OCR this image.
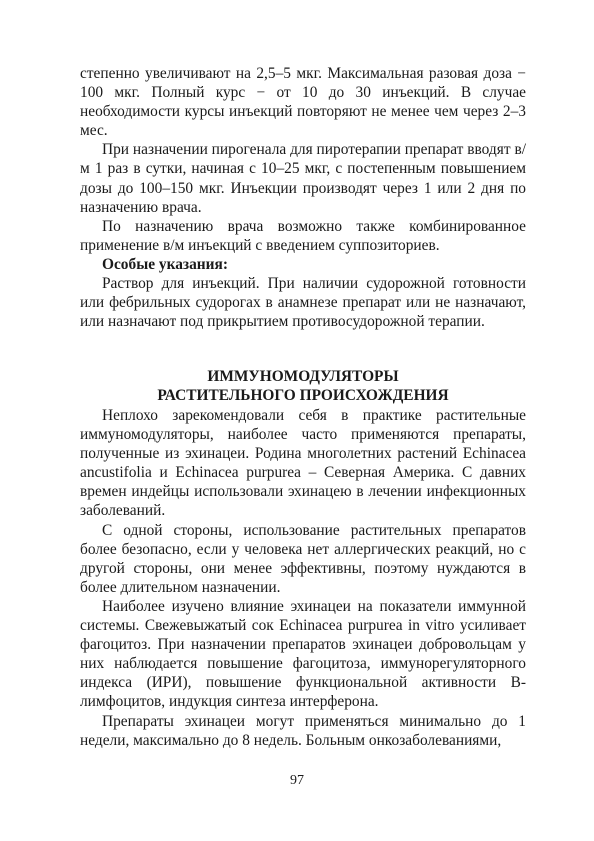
степенно увеличивают на 2,5–5 мкг. Максимальная разовая доза − 100 мкг. Полный курс − от 10 до 30 инъекций. В случае необходимости курсы инъекций повторяют не менее чем через 2–3 мес.

При назначении пирогенала для пиротерапии препарат вводят в/м 1 раз в сутки, начиная с 10–25 мкг, с постепенным повышением дозы до 100–150 мкг. Инъекции производят через 1 или 2 дня по назначению врача.

По назначению врача возможно также комбинированное применение в/м инъекций с введением суппозиториев.

Особые указания:

Раствор для инъекций. При наличии судорожной готовности или фебрильных судорогах в анамнезе препарат или не назначают, или назначают под прикрытием противосудорожной терапии.

ИММУНОМОДУЛЯТОРЫ

РАСТИТЕЛЬНОГО ПРОИСХОЖДЕНИЯ

Неплохо зарекомендовали себя в практике растительные иммуномодуляторы, наиболее часто применяются препараты, полученные из эхинацеи. Родина многолетних растений Echinacea ancustifolia и Echinacea purpurea – Северная Америка. С давних времен индейцы использовали эхинацею в лечении инфекционных заболеваний.

С одной стороны, использование растительных препаратов более безопасно, если у человека нет аллергических реакций, но с другой стороны, они менее эффективны, поэтому нуждаются в более длительном назначении.

Наиболее изучено влияние эхинацеи на показатели иммунной системы. Свежевыжатый сок Echinacea purpurea in vitro усиливает фагоцитоз. При назначении препаратов эхинацеи добровольцам у них наблюдается повышение фагоцитоза, иммунорегуляторного индекса (ИРИ), повышение функциональной активности В-лимфоцитов, индукция синтеза интерферона.

Препараты эхинацеи могут применяться минимально до 1 недели, максимально до 8 недель. Больным онкозаболеваниями,

97
